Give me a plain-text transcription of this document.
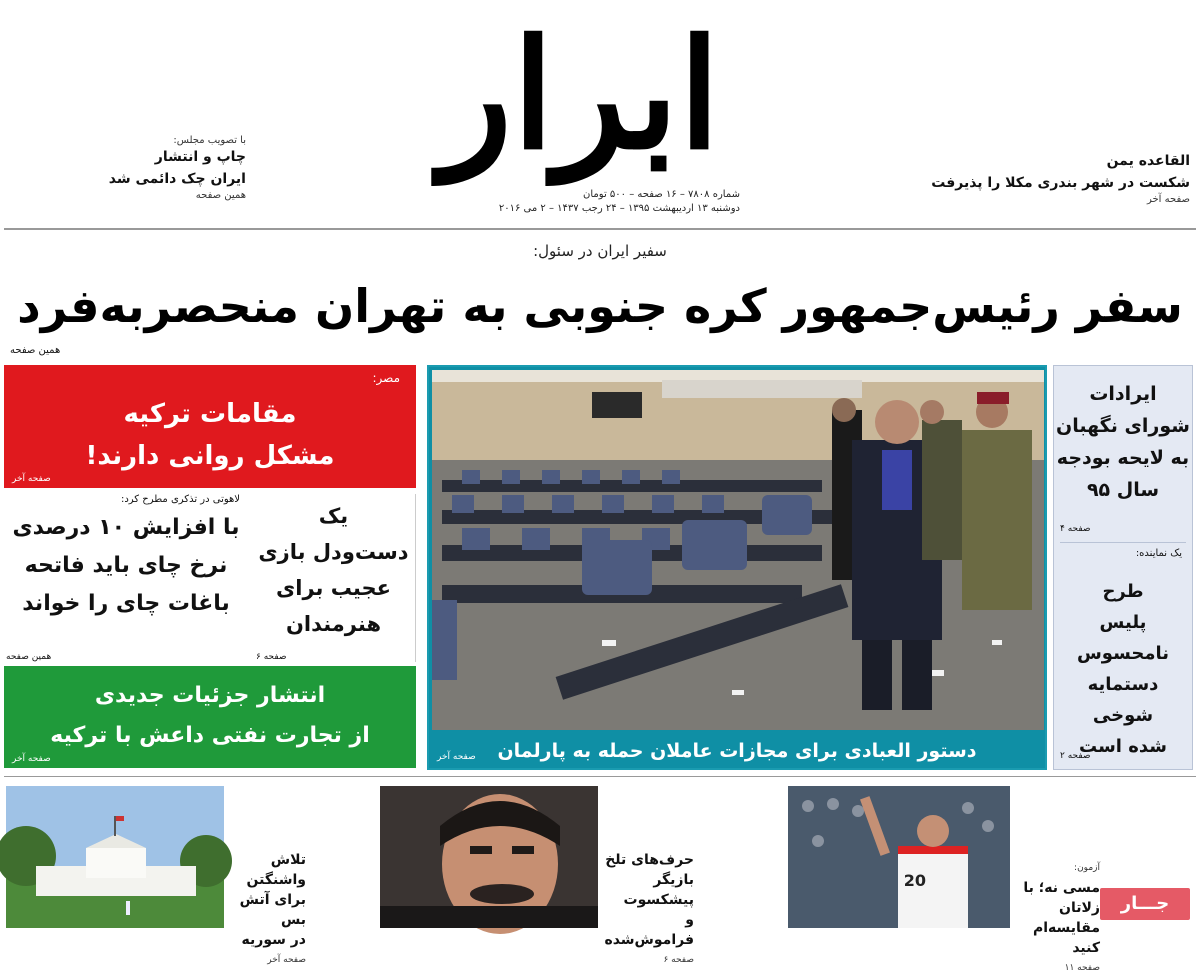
ابرار
شماره ۷۸۰۸ – ۱۶ صفحه – ۵۰۰ تومان
دوشنبه ۱۳ اردیبهشت ۱۳۹۵ – ۲۴ رجب ۱۴۳۷ – ۲ می ۲۰۱۶
با تصویب مجلس:
چاپ و انتشار
ایران چک دائمی شد
همین صفحه
القاعده یمن
شکست در شهر بندری مکلا را پذیرفت
صفحه آخر
سفیر ایران در سئول:
سفر رئیس‌جمهور کره جنوبی به تهران منحصربه‌فرد
همین صفحه
مصر:
مقامات ترکیه
مشکل روانی دارند!
صفحه آخر
لاهوتی در تذکری مطرح کرد:
با افزایش ۱۰ درصدی
نرخ چای باید فاتحه
باغات چای را خواند
همین صفحه
یک
دست‌ودل بازی
عجیب برای
هنرمندان
صفحه ۶
انتشار جزئیات جدیدی
از تجارت نفتی داعش با ترکیه
صفحه آخر	دستور العبادی برای مجازات عاملان حمله به پارلمان
صفحه آخر
ایرادات
شورای نگهبان
به لایحه بودجه
سال ۹۵
صفحه ۴
یک نماینده:
طرح
پلیس نامحسوس
دستمایه
شوخی
شده است
صفحه ۲
تلاش واشنگتن
برای آتش بس
در سوریه
صفحه آخر
حرف‌های تلخ
بازیگر پیشکسوت
و فراموش‌شده
صفحه ۶
20
آزمون:
مسی نه؛ با زلاتان
مقایسه‌ام کنید
صفحه ۱۱
جـــار
